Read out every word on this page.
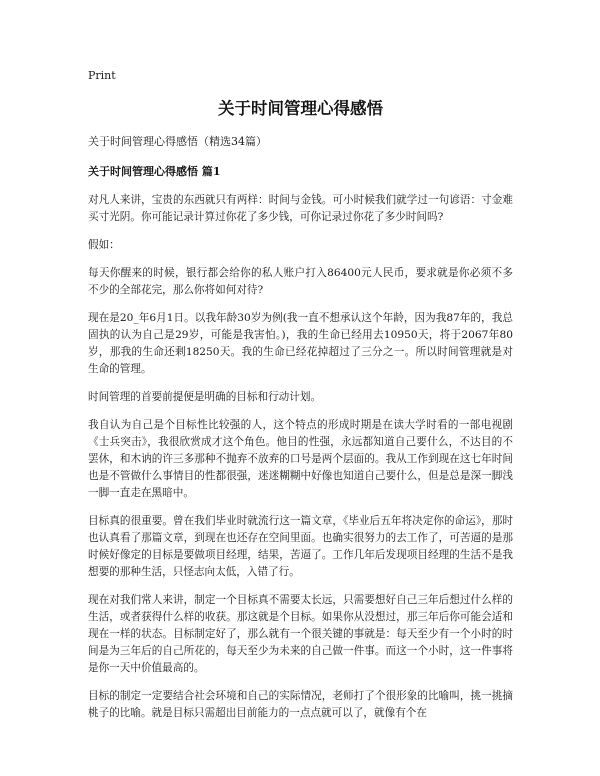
Print
关于时间管理心得感悟
关于时间管理心得感悟（精选34篇）
关于时间管理心得感悟 篇1

对凡人来讲，宝贵的东西就只有两样：时间与金钱。可小时候我们就学过一句谚语：寸金难买寸光阴。你可能记录计算过你花了多少钱，可你记录过你花了多少时间吗?

假如：

每天你醒来的时候，银行都会给你的私人账户打入86400元人民币，要求就是你必须不多不少的全部花完，那么你将如何对待?

现在是20_年6月1日。以我年龄30岁为例(我一直不想承认这个年龄，因为我87年的，我总固执的认为自己是29岁，可能是我害怕。)，我的生命已经用去10950天，将于2067年80岁，那我的生命还剩18250天。我的生命已经花掉超过了三分之一。所以时间管理就是对生命的管理。

时间管理的首要前提便是明确的目标和行动计划。

我自认为自己是个目标性比较强的人，这个特点的形成时期是在读大学时看的一部电视剧《士兵突击》，我很欣赏成才这个角色。他目的性强，永远都知道自己要什么，不达目的不罢休，和木讷的许三多那种不抛弃不放弃的口号是两个层面的。我从工作到现在这七年时间也是不管做什么事情目的性都很强，迷迷糊糊中好像也知道自己要什么，但是总是深一脚浅一脚一直走在黑暗中。

目标真的很重要。曾在我们毕业时就流行这一篇文章，《毕业后五年将决定你的命运》，那时也认真看了那篇文章，到现在也还存在空间里面。也确实很努力的去工作了，可苦逼的是那时候好像定的目标是要做项目经理，结果，苦逼了。工作几年后发现项目经理的生活不是我想要的那种生活，只怪志向太低，入错了行。

现在对我们常人来讲，制定一个目标真不需要太长远，只需要想好自己三年后想过什么样的生活，或者获得什么样的收获。那这就是个目标。如果你从没想过，那三年后你可能会适和现在一样的状态。目标制定好了，那么就有一个很关键的事就是：每天至少有一个小时的时间是为三年后的自己所花的，每天至少为未来的自己做一件事。而这一个小时，这一件事将是你一天中价值最高的。

目标的制定一定要结合社会环境和自己的实际情况，老师打了个很形象的比喻叫，挑一挑摘桃子的比喻。就是目标只需超出目前能力的一点点就可以了，就像有个在
